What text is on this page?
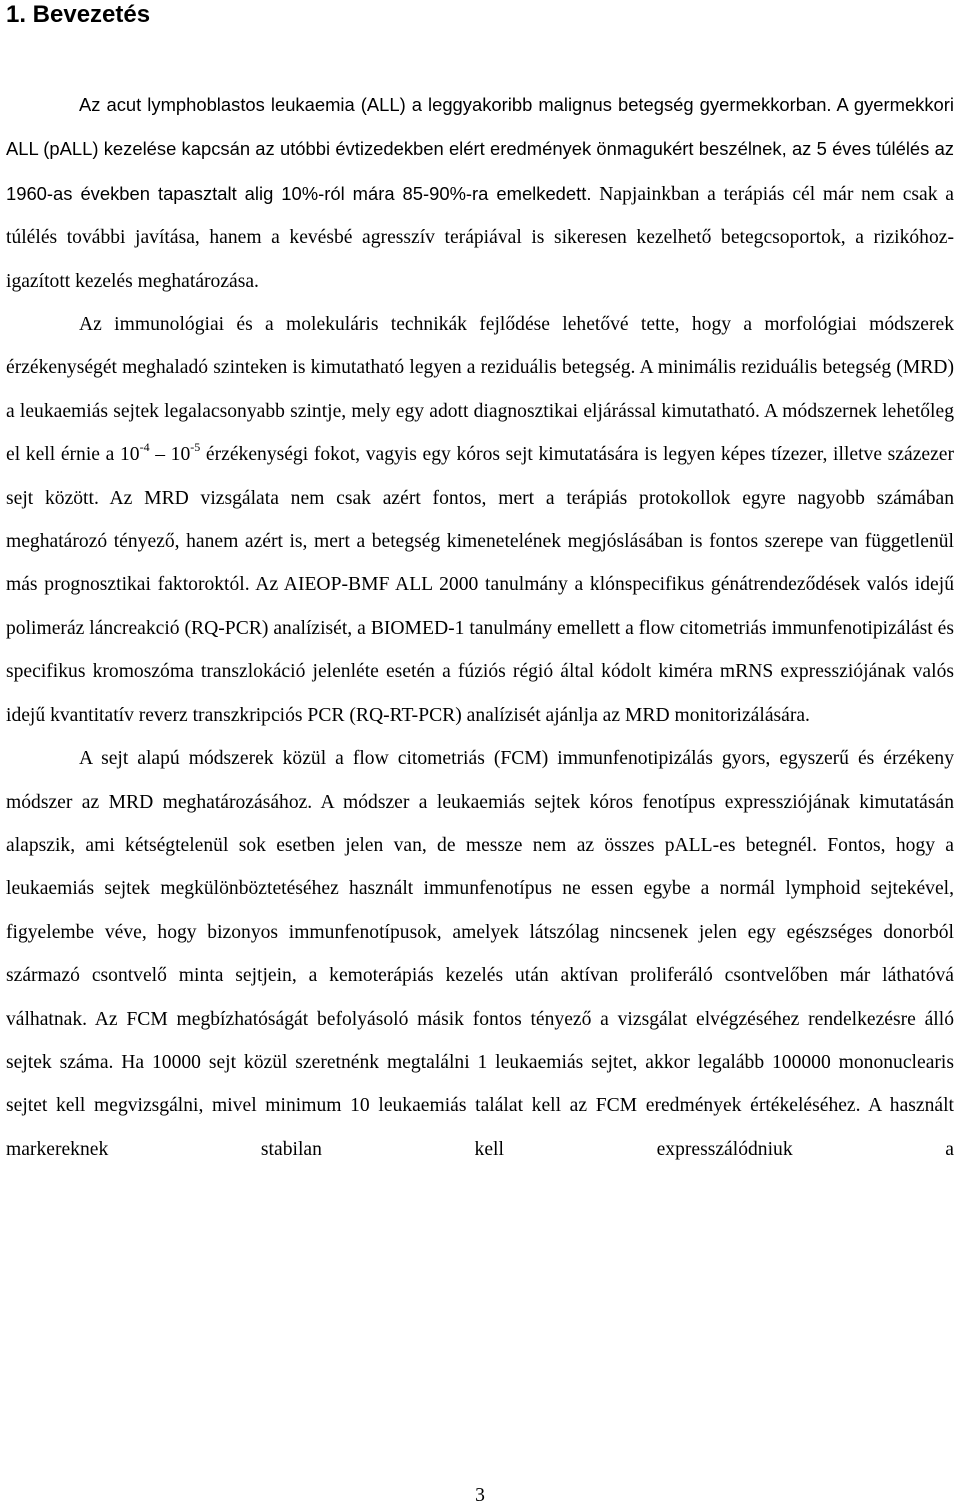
1. Bevezetés

Az acut lymphoblastos leukaemia (ALL) a leggyakoribb malignus betegség gyermekkorban. A gyermekkori ALL (pALL) kezelése kapcsán az utóbbi évtizedekben elért eredmények önmagukért beszélnek, az 5 éves túlélés az 1960-as években tapasztalt alig 10%-ról mára 85-90%-ra emelkedett. Napjainkban a terápiás cél már nem csak a túlélés további javítása, hanem a kevésbé agresszív terápiával is sikeresen kezelhető betegcsoportok, a rizikóhoz-igazított kezelés meghatározása.

Az immunológiai és a molekuláris technikák fejlődése lehetővé tette, hogy a morfológiai módszerek érzékenységét meghaladó szinteken is kimutatható legyen a reziduális betegség. A minimális reziduális betegség (MRD) a leukaemiás sejtek legalacsonyabb szintje, mely egy adott diagnosztikai eljárással kimutatható. A módszernek lehetőleg el kell érnie a $10^{-4} - 10^{-5}$ érzékenységi fokot, vagyis egy kóros sejt kimutatására is legyen képes tízezer, illetve százezer sejt között. Az MRD vizsgálata nem csak azért fontos, mert a terápiás protokollok egyre nagyobb számában meghatározó tényező, hanem azért is, mert a betegség kimenetelének megjóslásában is fontos szerepe van függetlenül más prognosztikai faktoroktól. Az AIEOP-BMF ALL 2000 tanulmány a klónspecifikus génátrendeződések valós idejű polimeráz láncreakció (RQ-PCR) analízisét, a BIOMED-1 tanulmány emellett a flow citometriás immunfenotipizálást és specifikus kromoszóma transzlokáció jelenléte esetén a fúziós régió által kódolt kiméra mRNS expressziójának valós idejű kvantitatív reverz transzkripciós PCR (RQ-RT-PCR) analízisét ajánlja az MRD monitorizálására.

A sejt alapú módszerek közül a flow citometriás (FCM) immunfenotipizálás gyors, egyszerű és érzékeny módszer az MRD meghatározásához. A módszer a leukaemiás sejtek kóros fenotípus expressziójának kimutatásán alapszik, ami kétségtelenül sok esetben jelen van, de messze nem az összes pALL-es betegnél. Fontos, hogy a leukaemiás sejtek megkülönböztetéséhez használt immunfenotípus ne essen egybe a normál lymphoid sejtekével, figyelembe véve, hogy bizonyos immunfenotípusok, amelyek látszólag nincsenek jelen egy egészséges donorból származó csontvelő minta sejtjein, a kemoterápiás kezelés után aktívan proliferáló csontvelőben már láthatóvá válhatnak. Az FCM megbízhatóságát befolyásoló másik fontos tényező a vizsgálat elvégzéséhez rendelkezésre álló sejtek száma. Ha 10000 sejt közül szeretnénk megtalálni 1 leukaemiás sejtet, akkor legalább 100000 mononuclearis sejtet kell megvizsgálni, mivel minimum 10 leukaemiás találat kell az FCM eredmények értékeléséhez. A használt markereknek stabilan kell expresszálódniuk a

3
